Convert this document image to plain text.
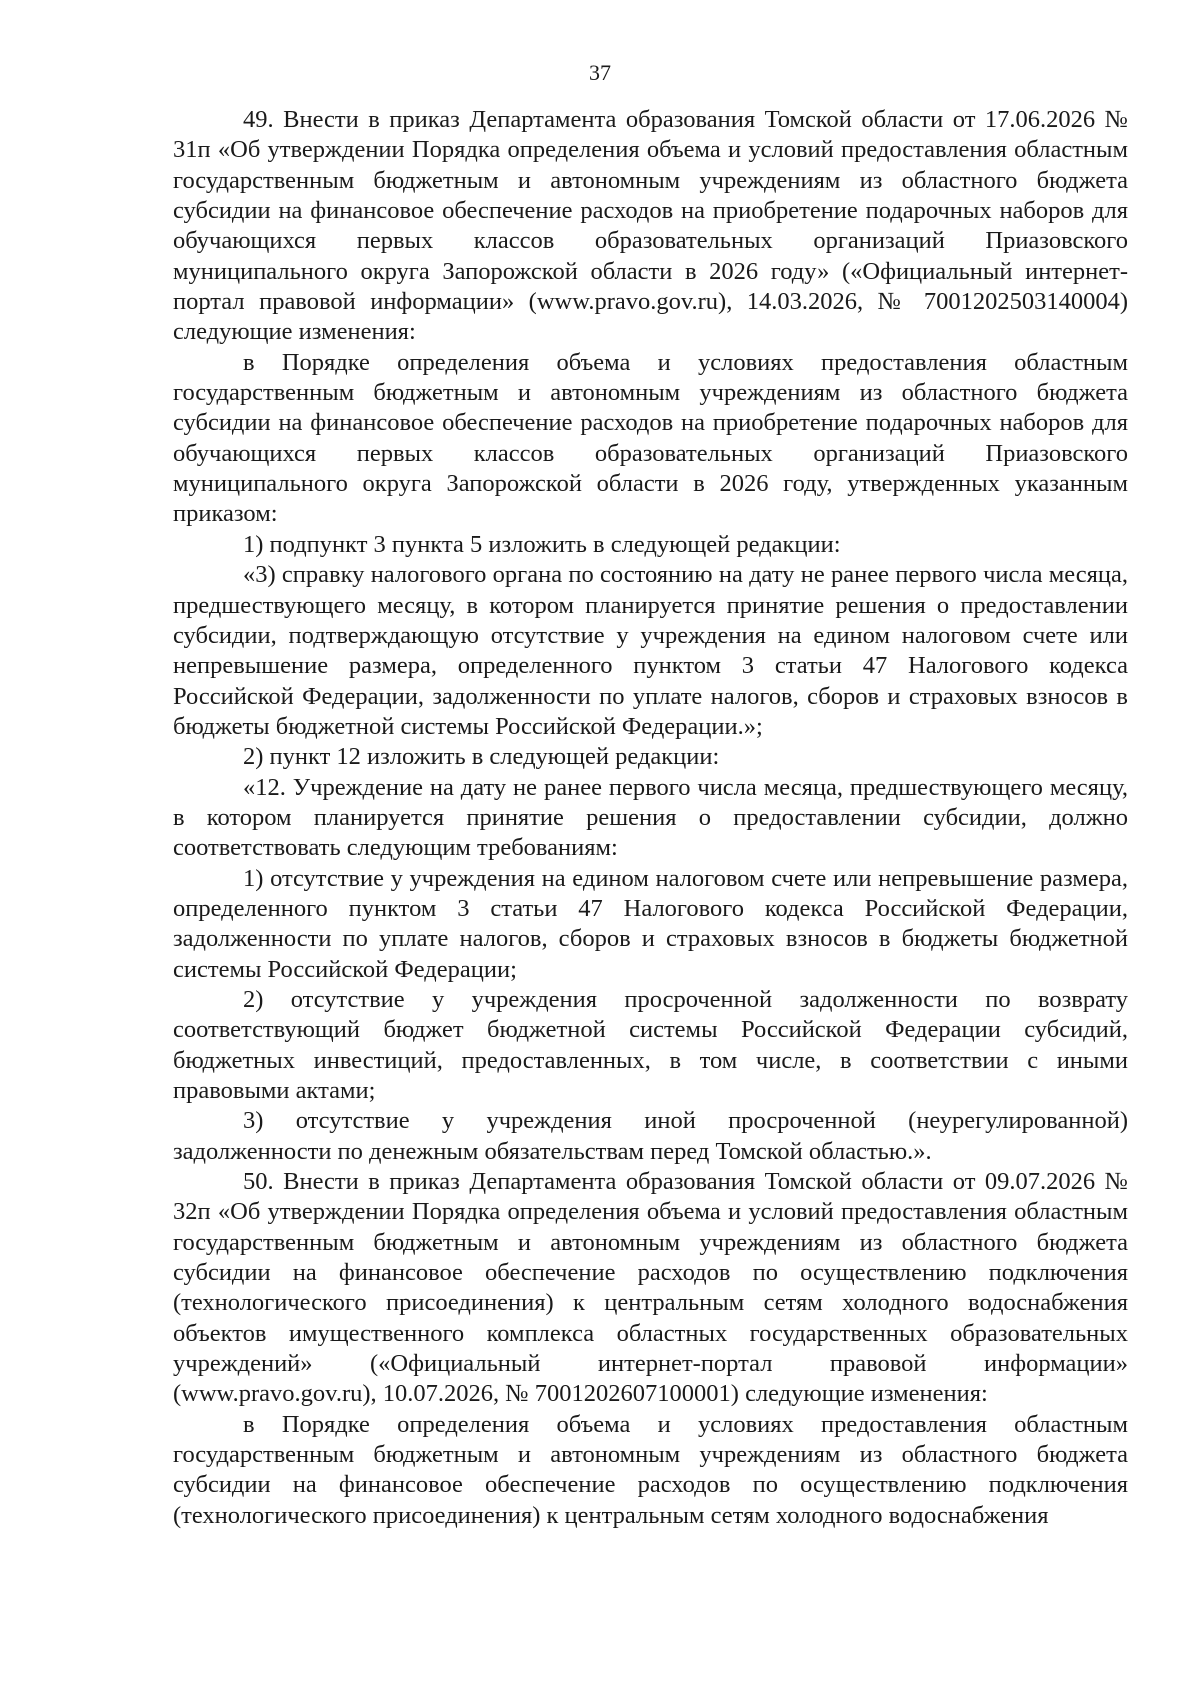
37

49. Внести в приказ Департамента образования Томской области от 17.06.2026 № 31п «Об утверждении Порядка определения объема и условий предоставления областным государственным бюджетным и автономным учреждениям из областного бюджета субсидии на финансовое обеспечение расходов на приобретение подарочных наборов для обучающихся первых классов образовательных организаций Приазовского муниципального округа Запорожской области в 2026 году» («Официальный интернет-портал правовой информации» (www.pravo.gov.ru), 14.03.2026, № 7001202503140004) следующие изменения:

в Порядке определения объема и условиях предоставления областным государственным бюджетным и автономным учреждениям из областного бюджета субсидии на финансовое обеспечение расходов на приобретение подарочных наборов для обучающихся первых классов образовательных организаций Приазовского муниципального округа Запорожской области в 2026 году, утвержденных указанным приказом:

1) подпункт 3 пункта 5 изложить в следующей редакции:

«3) справку налогового органа по состоянию на дату не ранее первого числа месяца, предшествующего месяцу, в котором планируется принятие решения о предоставлении субсидии, подтверждающую отсутствие у учреждения на едином налоговом счете или непревышение размера, определенного пунктом 3 статьи 47 Налогового кодекса Российской Федерации, задолженности по уплате налогов, сборов и страховых взносов в бюджеты бюджетной системы Российской Федерации.»;

2) пункт 12 изложить в следующей редакции:

«12. Учреждение на дату не ранее первого числа месяца, предшествующего месяцу, в котором планируется принятие решения о предоставлении субсидии, должно соответствовать следующим требованиям:

1) отсутствие у учреждения на едином налоговом счете или непревышение размера, определенного пунктом 3 статьи 47 Налогового кодекса Российской Федерации, задолженности по уплате налогов, сборов и страховых взносов в бюджеты бюджетной системы Российской Федерации;

2) отсутствие у учреждения просроченной задолженности по возврату соответствующий бюджет бюджетной системы Российской Федерации субсидий, бюджетных инвестиций, предоставленных, в том числе, в соответствии с иными правовыми актами;

3) отсутствие у учреждения иной просроченной (неурегулированной) задолженности по денежным обязательствам перед Томской областью.».

50. Внести в приказ Департамента образования Томской области от 09.07.2026 № 32п «Об утверждении Порядка определения объема и условий предоставления областным государственным бюджетным и автономным учреждениям из областного бюджета субсидии на финансовое обеспечение расходов по осуществлению подключения (технологического присоединения) к центральным сетям холодного водоснабжения объектов имущественного комплекса областных государственных образовательных учреждений» («Официальный интернет-портал правовой информации» (www.pravo.gov.ru), 10.07.2026, № 7001202607100001) следующие изменения:

в Порядке определения объема и условиях предоставления областным государственным бюджетным и автономным учреждениям из областного бюджета субсидии на финансовое обеспечение расходов по осуществлению подключения (технологического присоединения) к центральным сетям холодного водоснабжения
